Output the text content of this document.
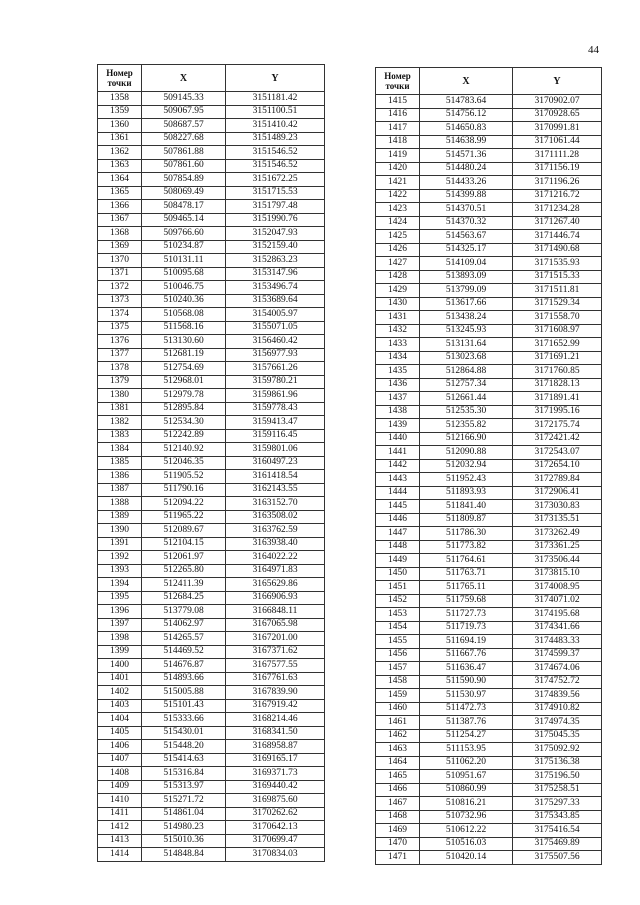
44
Номер
точки	X	Y
1358	509145.33	3151181.42
1359	509067.95	3151100.51
1360	508687.57	3151410.42
1361	508227.68	3151489.23
1362	507861.88	3151546.52
1363	507861.60	3151546.52
1364	507854.89	3151672.25
1365	508069.49	3151715.53
1366	508478.17	3151797.48
1367	509465.14	3151990.76
1368	509766.60	3152047.93
1369	510234.87	3152159.40
1370	510131.11	3152863.23
1371	510095.68	3153147.96
1372	510046.75	3153496.74
1373	510240.36	3153689.64
1374	510568.08	3154005.97
1375	511568.16	3155071.05
1376	513130.60	3156460.42
1377	512681.19	3156977.93
1378	512754.69	3157661.26
1379	512968.01	3159780.21
1380	512979.78	3159861.96
1381	512895.84	3159778.43
1382	512534.30	3159413.47
1383	512242.89	3159116.45
1384	512140.92	3159801.06
1385	512046.35	3160497.23
1386	511905.52	3161418.54
1387	511790.16	3162143.55
1388	512094.22	3163152.70
1389	511965.22	3163508.02
1390	512089.67	3163762.59
1391	512104.15	3163938.40
1392	512061.97	3164022.22
1393	512265.80	3164971.83
1394	512411.39	3165629.86
1395	512684.25	3166906.93
1396	513779.08	3166848.11
1397	514062.97	3167065.98
1398	514265.57	3167201.00
1399	514469.52	3167371.62
1400	514676.87	3167577.55
1401	514893.66	3167761.63
1402	515005.88	3167839.90
1403	515101.43	3167919.42
1404	515333.66	3168214.46
1405	515430.01	3168341.50
1406	515448.20	3168958.87
1407	515414.63	3169165.17
1408	515316.84	3169371.73
1409	515313.97	3169440.42
1410	515271.72	3169875.60
1411	514861.04	3170262.62
1412	514980.23	3170642.13
1413	515010.36	3170699.47
1414	514848.84	3170834.03
Номер
точки	X	Y
1415	514783.64	3170902.07
1416	514756.12	3170928.65
1417	514650.83	3170991.81
1418	514638.99	3171061.44
1419	514571.36	3171111.28
1420	514480.24	3171156.19
1421	514433.26	3171196.26
1422	514399.88	3171216.72
1423	514370.51	3171234.28
1424	514370.32	3171267.40
1425	514563.67	3171446.74
1426	514325.17	3171490.68
1427	514109.04	3171535.93
1428	513893.09	3171515.33
1429	513799.09	3171511.81
1430	513617.66	3171529.34
1431	513438.24	3171558.70
1432	513245.93	3171608.97
1433	513131.64	3171652.99
1434	513023.68	3171691.21
1435	512864.88	3171760.85
1436	512757.34	3171828.13
1437	512661.44	3171891.41
1438	512535.30	3171995.16
1439	512355.82	3172175.74
1440	512166.90	3172421.42
1441	512090.88	3172543.07
1442	512032.94	3172654.10
1443	511952.43	3172789.84
1444	511893.93	3172906.41
1445	511841.40	3173030.83
1446	511809.87	3173135.51
1447	511786.30	3173262.49
1448	511773.82	3173361.25
1449	511764.61	3173506.44
1450	511763.71	3173815.10
1451	511765.11	3174008.95
1452	511759.68	3174071.02
1453	511727.73	3174195.68
1454	511719.73	3174341.66
1455	511694.19	3174483.33
1456	511667.76	3174599.37
1457	511636.47	3174674.06
1458	511590.90	3174752.72
1459	511530.97	3174839.56
1460	511472.73	3174910.82
1461	511387.76	3174974.35
1462	511254.27	3175045.35
1463	511153.95	3175092.92
1464	511062.20	3175136.38
1465	510951.67	3175196.50
1466	510860.99	3175258.51
1467	510816.21	3175297.33
1468	510732.96	3175343.85
1469	510612.22	3175416.54
1470	510516.03	3175469.89
1471	510420.14	3175507.56
